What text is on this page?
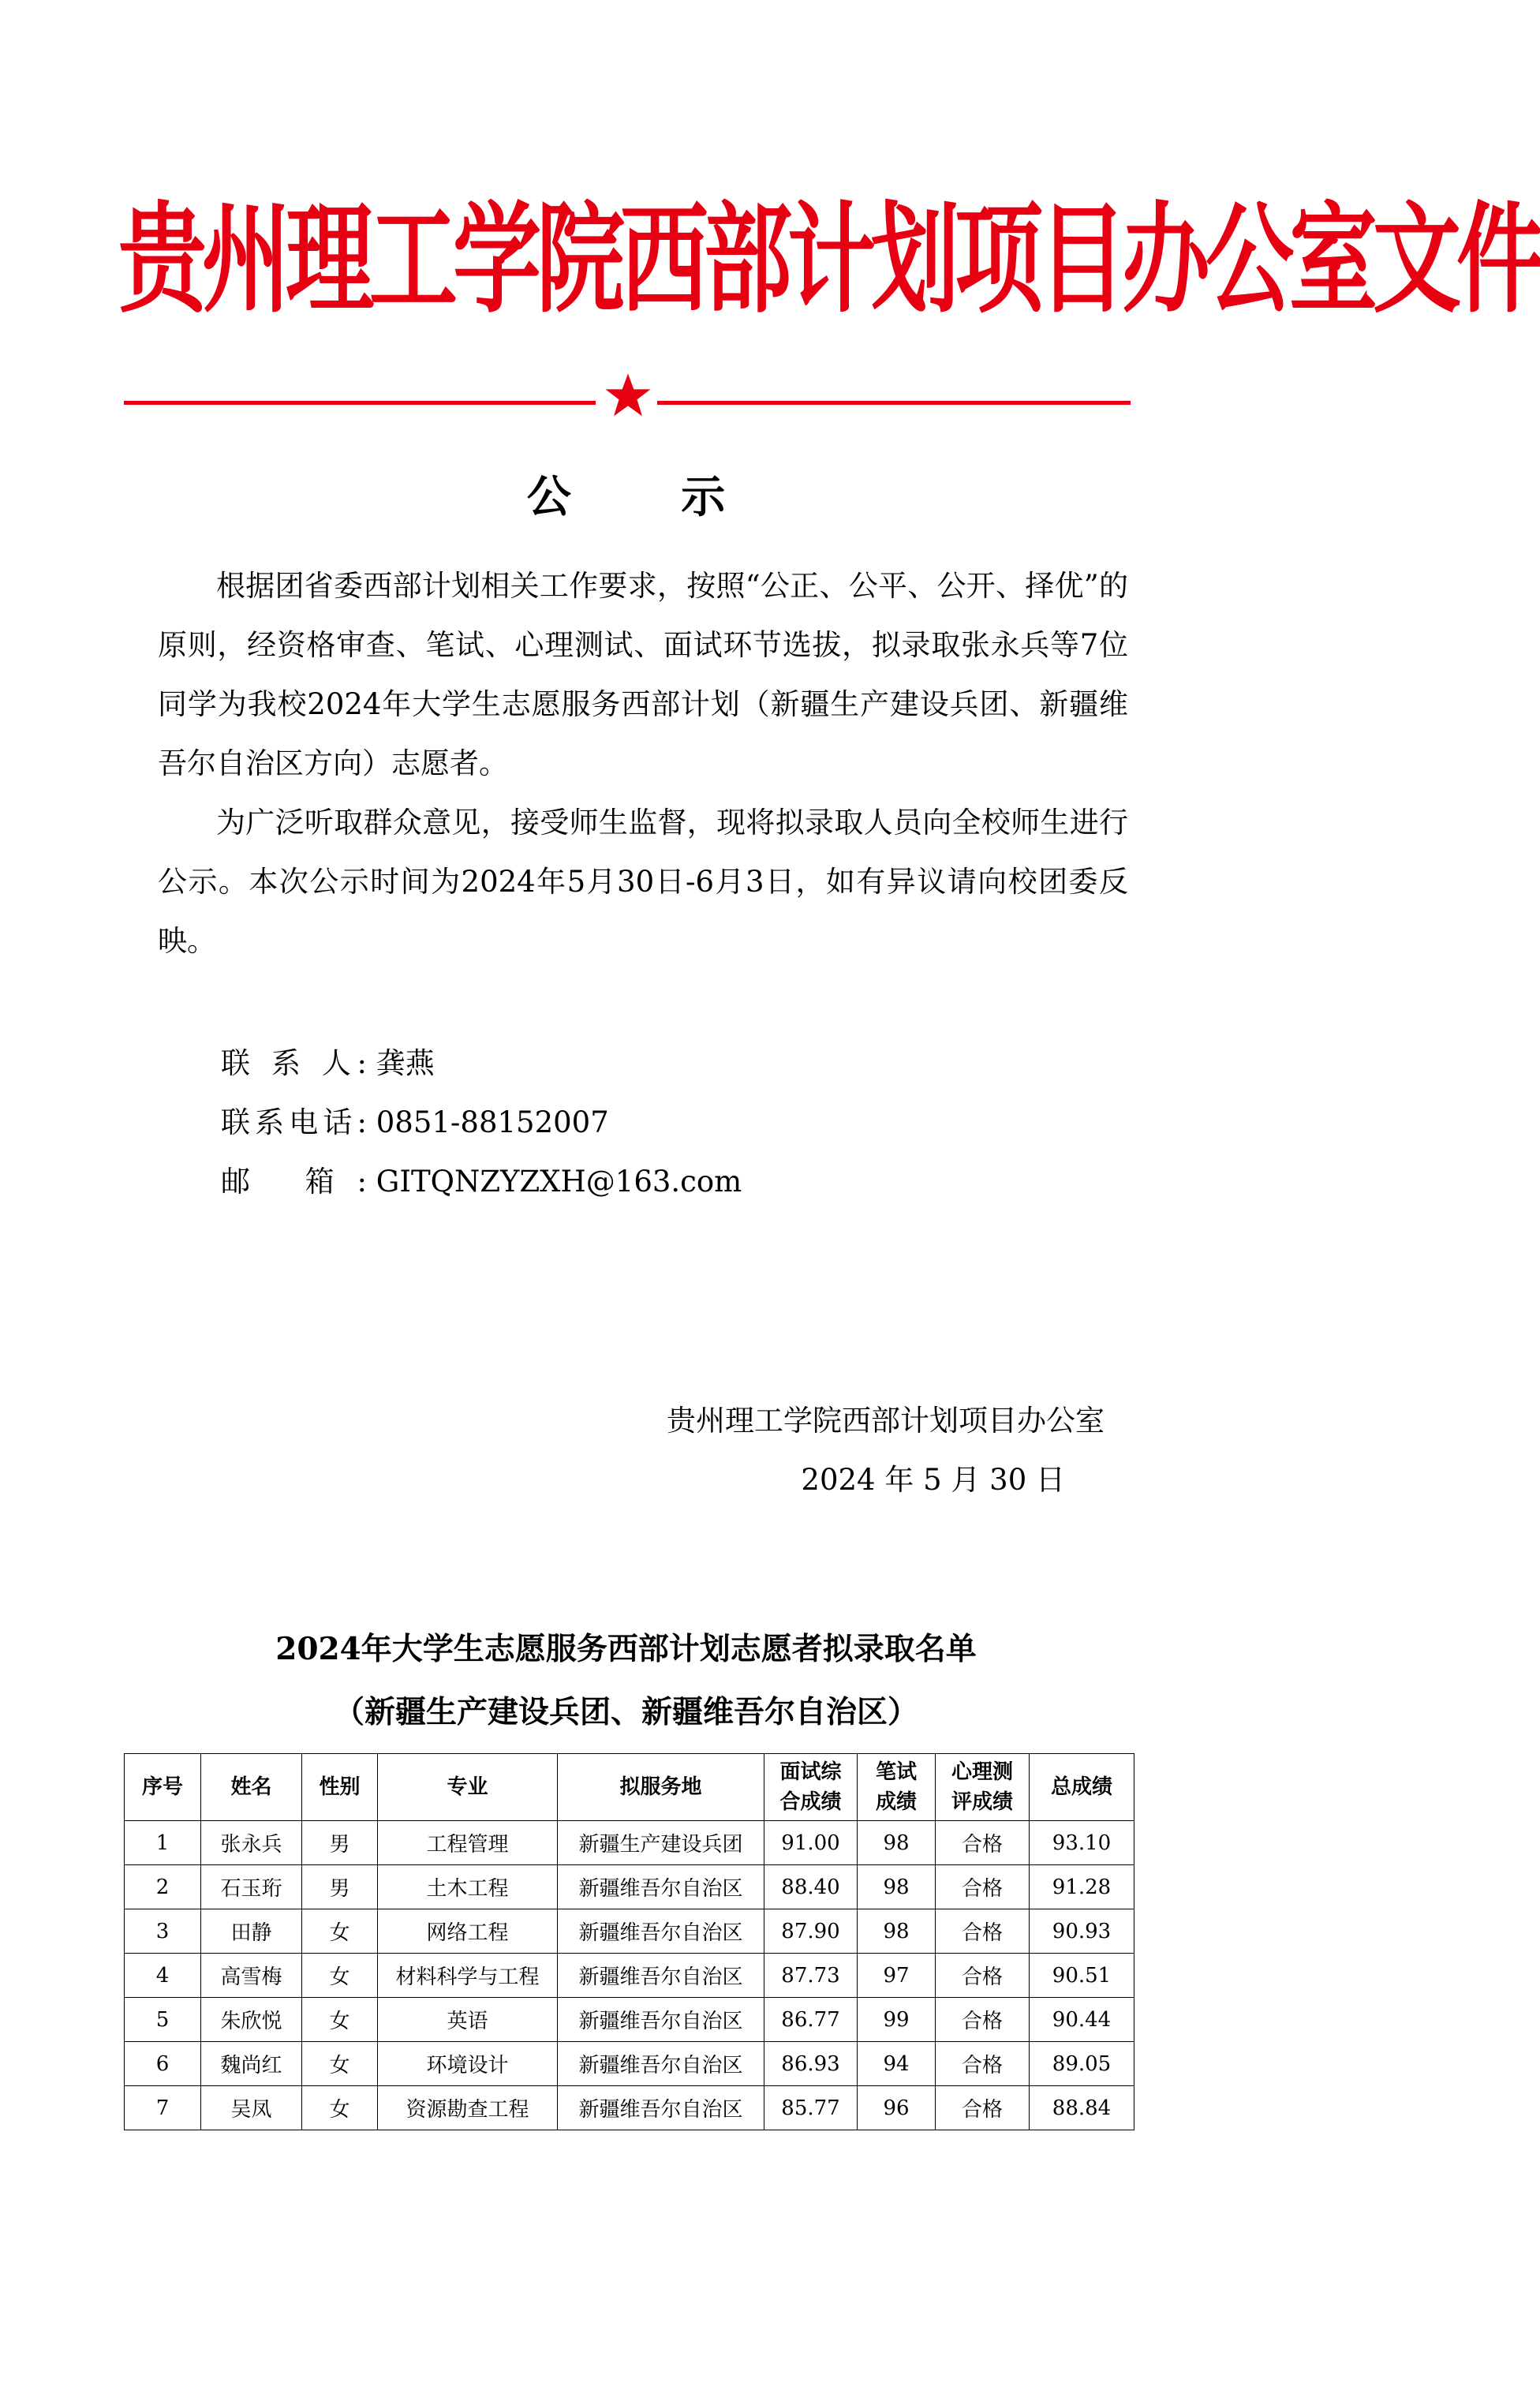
贵州理工学院西部计划项目办公室文件
公 示

根据团省委西部计划相关工作要求，按照“公正、公平、公开、择优”的原则，经资格审查、笔试、心理测试、面试环节选拔，拟录取张永兵等7位同学为我校2024年大学生志愿服务西部计划（新疆生产建设兵团、新疆维吾尔自治区方向）志愿者。

为广泛听取群众意见，接受师生监督，现将拟录取人员向全校师生进行公示。本次公示时间为2024年5月30日-6月3日，如有异议请向校团委反映。

联 系 人: 龚燕
联系电话: 0851-88152007
邮 箱: GITQNZYZXH@163.com
贵州理工学院西部计划项目办公室
2024 年 5 月 30 日
2024年大学生志愿服务西部计划志愿者拟录取名单
（新疆生产建设兵团、新疆维吾尔自治区）
序号	姓名	性别	专业	拟服务地	面试综合成绩	笔试成绩	心理测评成绩	总成绩
1	张永兵	男	工程管理	新疆生产建设兵团	91.00	98	合格	93.10
2	石玉珩	男	土木工程	新疆维吾尔自治区	88.40	98	合格	91.28
3	田静	女	网络工程	新疆维吾尔自治区	87.90	98	合格	90.93
4	高雪梅	女	材料科学与工程	新疆维吾尔自治区	87.73	97	合格	90.51
5	朱欣悦	女	英语	新疆维吾尔自治区	86.77	99	合格	90.44
6	魏尚红	女	环境设计	新疆维吾尔自治区	86.93	94	合格	89.05
7	吴凤	女	资源勘查工程	新疆维吾尔自治区	85.77	96	合格	88.84
